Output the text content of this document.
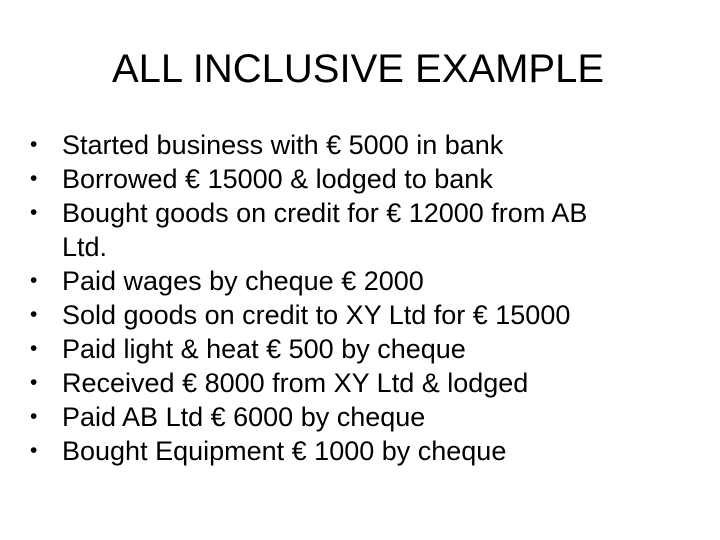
ALL INCLUSIVE EXAMPLE
•
Started business with € 5000 in bank
•
Borrowed € 15000 & lodged to bank
•
Bought goods on credit for € 12000 from AB
Ltd.
•
Paid wages by cheque € 2000
•
Sold goods on credit to XY Ltd for € 15000
•
Paid light & heat € 500 by cheque
•
Received € 8000 from XY Ltd & lodged
•
Paid AB Ltd € 6000 by cheque
•
Bought Equipment € 1000 by cheque
